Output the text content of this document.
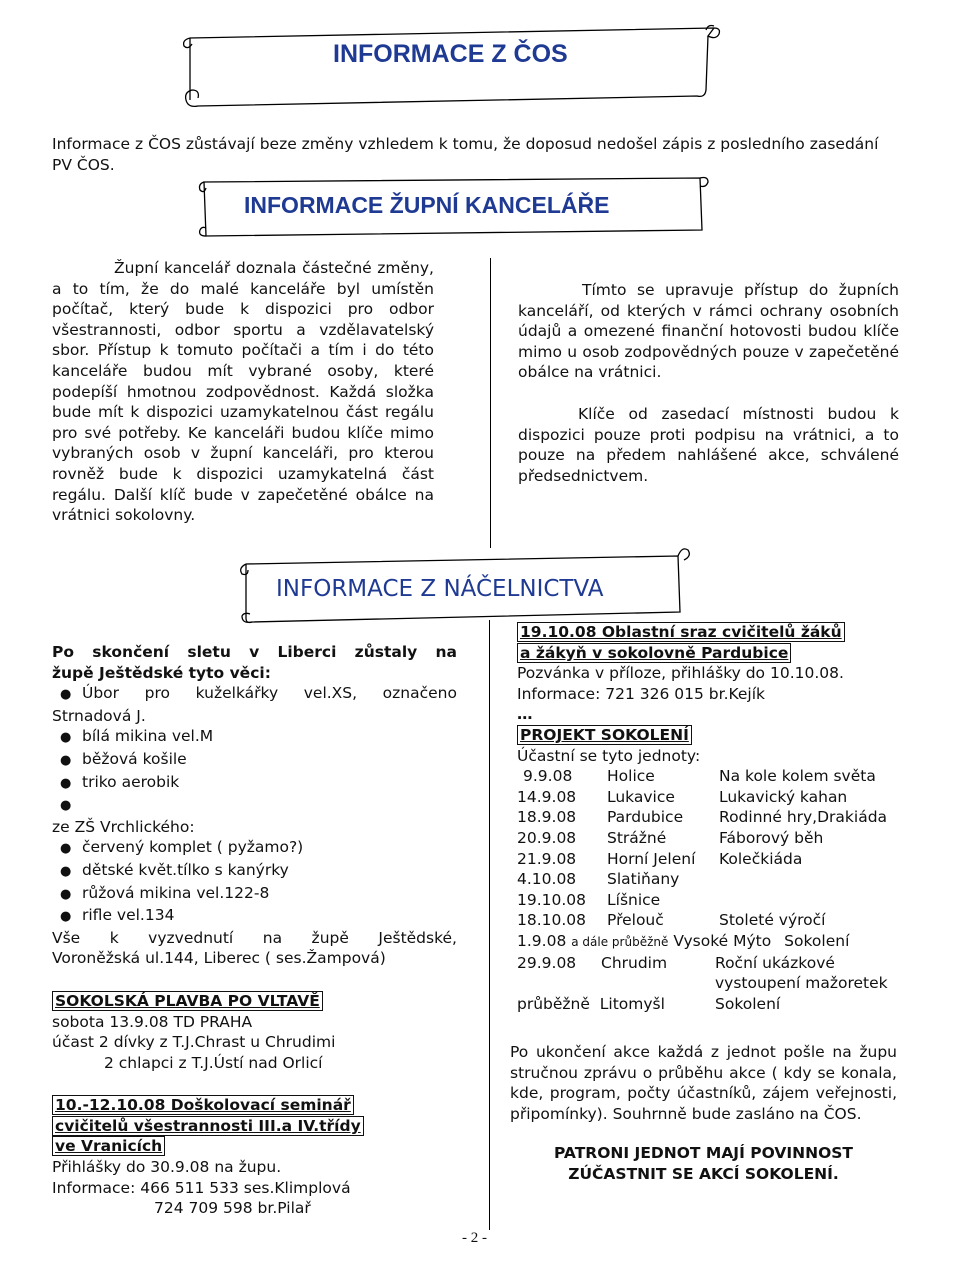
INFORMACE Z ČOS
Informace z ČOS zůstávají beze změny vzhledem k tomu, že doposud nedošel zápis z posledního zasedání PV ČOS.
INFORMACE ŽUPNÍ KANCELÁŘE
Župní kancelář doznala částečné změny, a to tím, že do malé kanceláře byl umístěn počítač, který bude k dispozici pro odbor všestrannosti, odbor sportu a vzdělavatelský sbor. Přístup k tomuto počítači a tím i do této kanceláře budou mít vybrané osoby, které podepíší hmotnou zodpovědnost. Každá složka bude mít k dispozici uzamykatelnou část regálu pro své potřeby. Ke kanceláři budou klíče mimo vybraných osob v župní kanceláři, pro kterou rovněž bude k dispozici uzamykatelná část regálu. Další klíč bude v zapečetěné obálce na vrátnici sokolovny.
Tímto se upravuje přístup do župních kanceláří, od kterých v rámci ochrany osobních údajů a omezené finanční hotovosti budou klíče mimo u osob zodpovědných pouze v zapečetěné obálce na vrátnici.
Klíče od zasedací místnosti budou k dispozici pouze proti podpisu na vrátnici, a to pouze na předem nahlášené akce, schválené předsednictvem.
INFORMACE Z NÁČELNICTVA
Po skončení sletu v Liberci zůstaly na
župě Ještědské tyto věci:
● Úbor pro kuželkářky vel.XS, označeno
Strnadová J.
● bílá mikina vel.M
● běžová košile
● triko aerobik
●

ze ZŠ Vrchlického:
● červený komplet ( pyžamo?)
● dětské květ.tílko s kanýrky
● růžová mikina vel.122-8
● rifle vel.134
Vše k vyzvednutí na župě Ještědské,
Voroněžská ul.144, Liberec ( ses.Žampová)
SOKOLSKÁ PLAVBA PO VLTAVĚ
sobota 13.9.08 TD PRAHA
účast 2 dívky z T.J.Chrast u Chrudimi
2 chlapci z T.J.Ústí nad Orlicí
10.-12.10.08 Doškolovací seminář
cvičitelů všestrannosti III.a IV.třídy
ve Vranicích
Přihlášky do 30.9.08 na župu.
Informace: 466 511 533 ses.Klimplová
724 709 598 br.Pilař
19.10.08 Oblastní sraz cvičitelů žáků
a žákyň v sokolovně Pardubice
Pozvánka v příloze, přihlášky do 10.10.08.
Informace: 721 326 015 br.Kejík
…
PROJEKT SOKOLENÍ
Účastní se tyto jednoty:
9.9.08	Holice	Na kole kolem světa
14.9.08	Lukavice	Lukavický kahan
18.9.08	Pardubice	Rodinné hry,Drakiáda
20.9.08	Strážné	Fáborový běh
21.9.08	Horní Jelení	Kolečkiáda
4.10.08	Slatiňany	
19.10.08	Líšnice	
18.10.08	Přelouč	Stoleté výročí
1.9.08 a dále průběžně Vysoké Mýto Sokolení
29.9.08	Chrudim	Roční ukázkové
		vystoupení mažoretek
průběžně Litomyšl		Sokolení
Po ukončení akce každá z jednot pošle na župu stručnou zprávu o průběhu akce ( kdy se konala, kde, program, počty účastníků, zájem veřejnosti, připomínky). Souhrnně bude zasláno na ČOS.
PATRONI JEDNOT MAJÍ POVINNOST
ZÚČASTNIT SE AKCÍ SOKOLENÍ.
- 2 -
